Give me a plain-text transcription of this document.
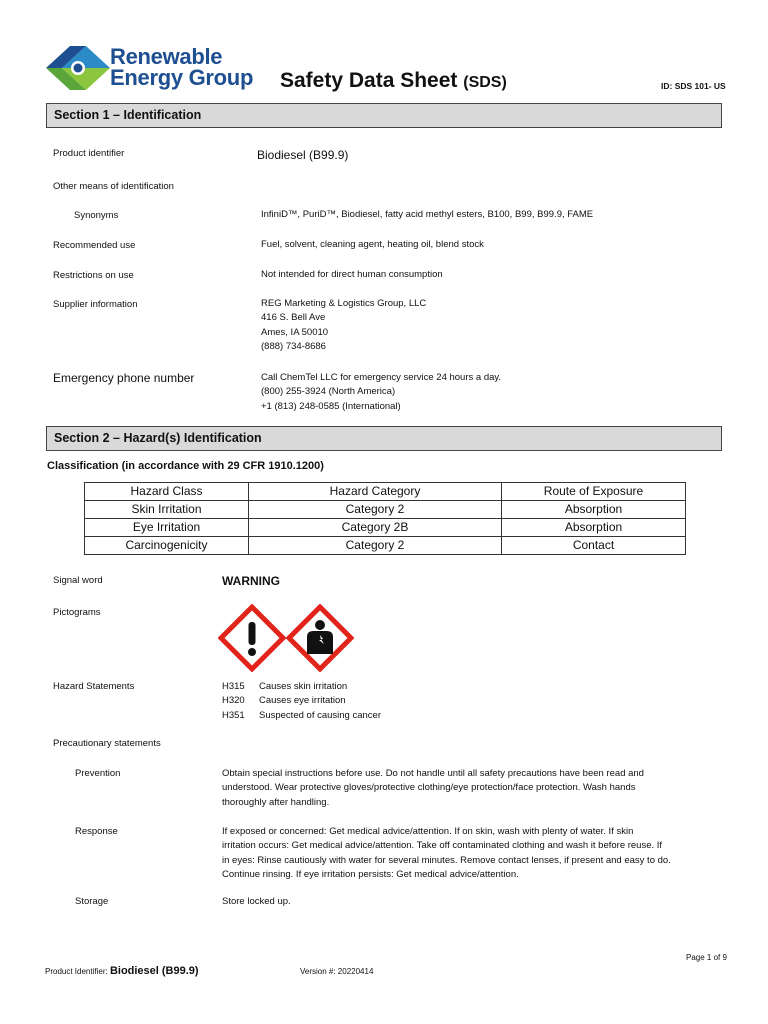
Renewable
Energy Group Safety Data Sheet (SDS)	ID: SDS 101- US
Section 1 – Identification
Product identifier	Biodiesel (B99.9)
Other means of identification
Synonyms	InfiniD™, PuriD™, Biodiesel, fatty acid methyl esters, B100, B99, B99.9, FAME
Recommended use	Fuel, solvent, cleaning agent, heating oil, blend stock
Restrictions on use	Not intended for direct human consumption
Supplier information	REG Marketing & Logistics Group, LLC
416 S. Bell Ave
Ames, IA 50010
(888) 734-8686
Emergency phone number	Call ChemTel LLC for emergency service 24 hours a day.
(800) 255-3924 (North America)
+1 (813) 248-0585 (International)
Section 2 – Hazard(s) Identification
Classification (in accordance with 29 CFR 1910.1200)
Hazard Class	Hazard Category	Route of Exposure
Skin Irritation	Category 2	Absorption
Eye Irritation	Category 2B	Absorption
Carcinogenicity	Category 2	Contact
Signal word	WARNING
Pictograms
Hazard Statements	H315 Causes skin irritation
H320 Causes eye irritation
H351 Suspected of causing cancer
Precautionary statements
Prevention	Obtain special instructions before use. Do not handle until all safety precautions have been read and
understood. Wear protective gloves/protective clothing/eye protection/face protection. Wash hands
thoroughly after handling.
Response	If exposed or concerned: Get medical advice/attention. If on skin, wash with plenty of water. If skin
irritation occurs: Get medical advice/attention. Take off contaminated clothing and wash it before reuse. If
in eyes: Rinse cautiously with water for several minutes. Remove contact lenses, if present and easy to do.
Continue rinsing. If eye irritation persists: Get medical advice/attention.
Storage	Store locked up.
Page 1 of 9
Product Identifier: Biodiesel (B99.9)	Version #: 20220414
